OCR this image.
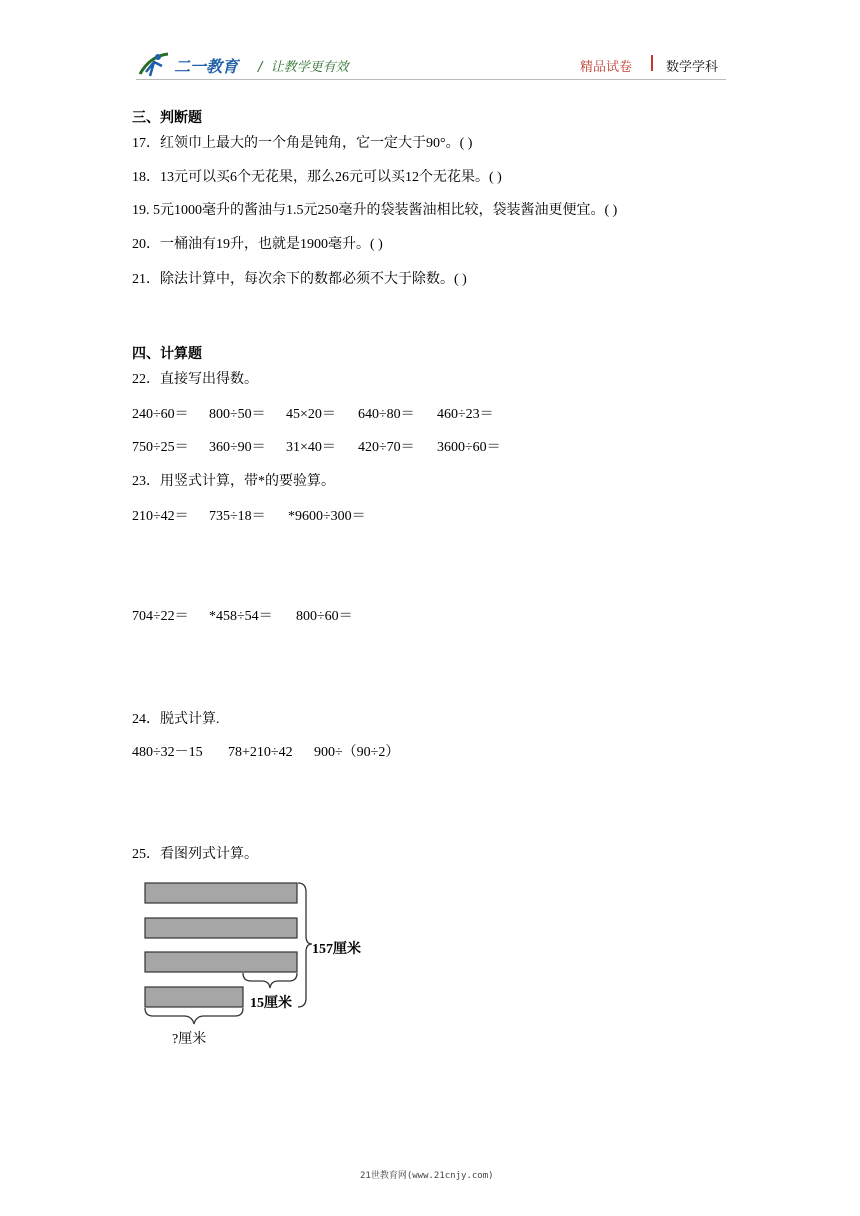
二一教育 /  让教学更有效	精品试卷	数学学科
三、判断题
17．红领巾上最大的一个角是钝角，它一定大于90°。( )
18．13元可以买6个无花果，那么26元可以买12个无花果。( )
19. 5元1000毫升的酱油与1.5元250毫升的袋装酱油相比较，袋装酱油更便宜。( )
20．一桶油有19升，也就是1900毫升。( )
21．除法计算中，每次余下的数都必须不大于除数。( )
四、计算题
22．直接写出得数。
240÷60＝ 800÷50＝ 45×20＝ 640÷80＝ 460÷23＝
750÷25＝ 360÷90＝ 31×40＝ 420÷70＝ 3600÷60＝
23．用竖式计算，带*的要验算。
210÷42＝ 735÷18＝ *9600÷300＝
704÷22＝ *458÷54＝ 800÷60＝
24．脱式计算.
480÷32－15 78+210÷42 900÷（90÷2）
25．看图列式计算。
157厘米
15厘米
?厘米
21世教育网(www.21cnjy.com)
